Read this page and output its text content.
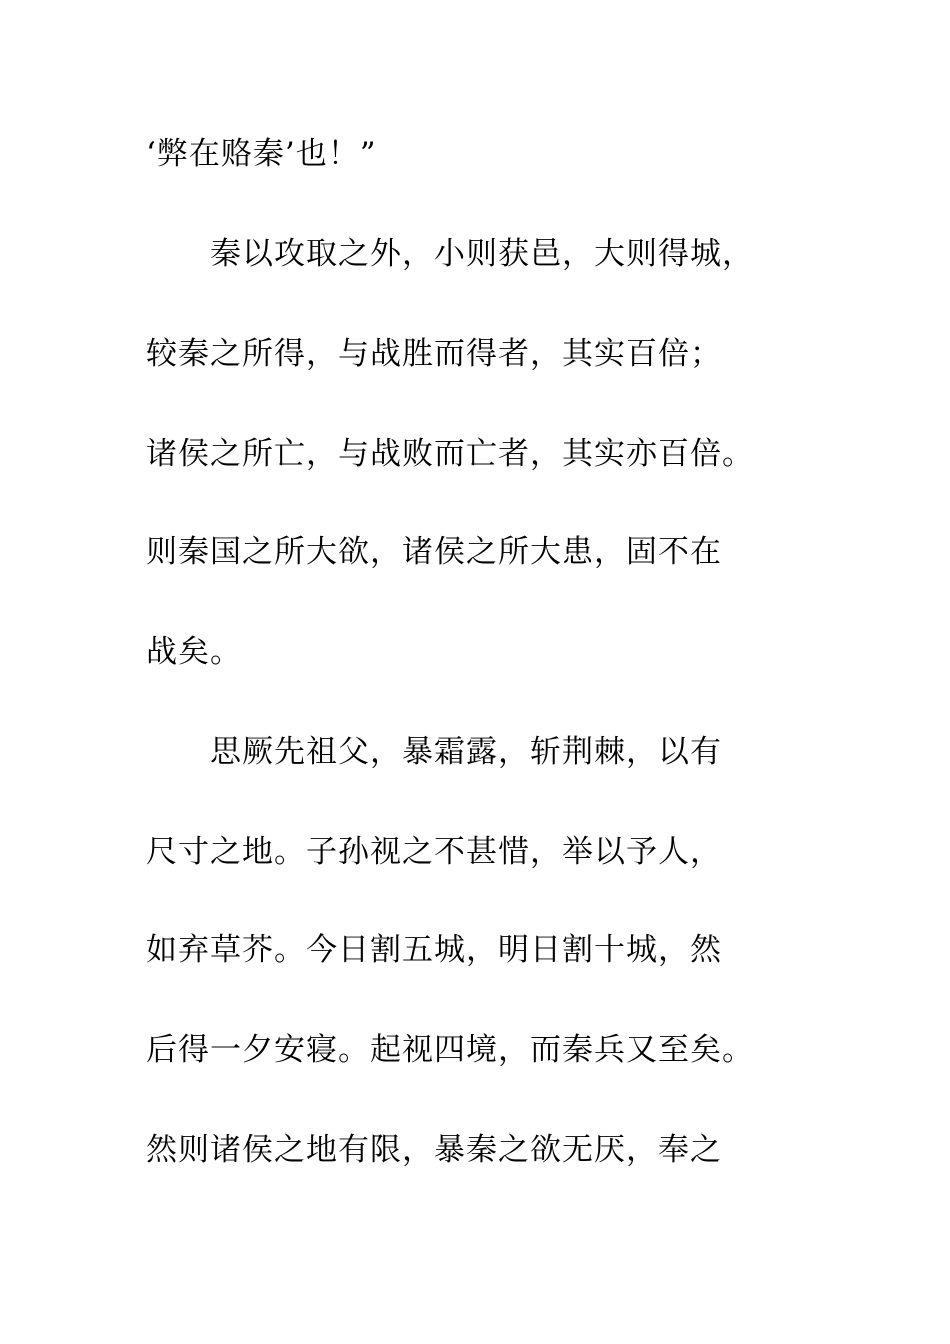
‘弊在赂秦’也！”
　　秦以攻取之外，小则获邑，大则得城，
较秦之所得，与战胜而得者，其实百倍；
诸侯之所亡，与战败而亡者，其实亦百倍。
则秦国之所大欲，诸侯之所大患，固不在
战矣。
　　思厥先祖父，暴霜露，斩荆棘，以有
尺寸之地。子孙视之不甚惜，举以予人，
如弃草芥。今日割五城，明日割十城，然
后得一夕安寝。起视四境，而秦兵又至矣。
然则诸侯之地有限，暴秦之欲无厌，奉之
